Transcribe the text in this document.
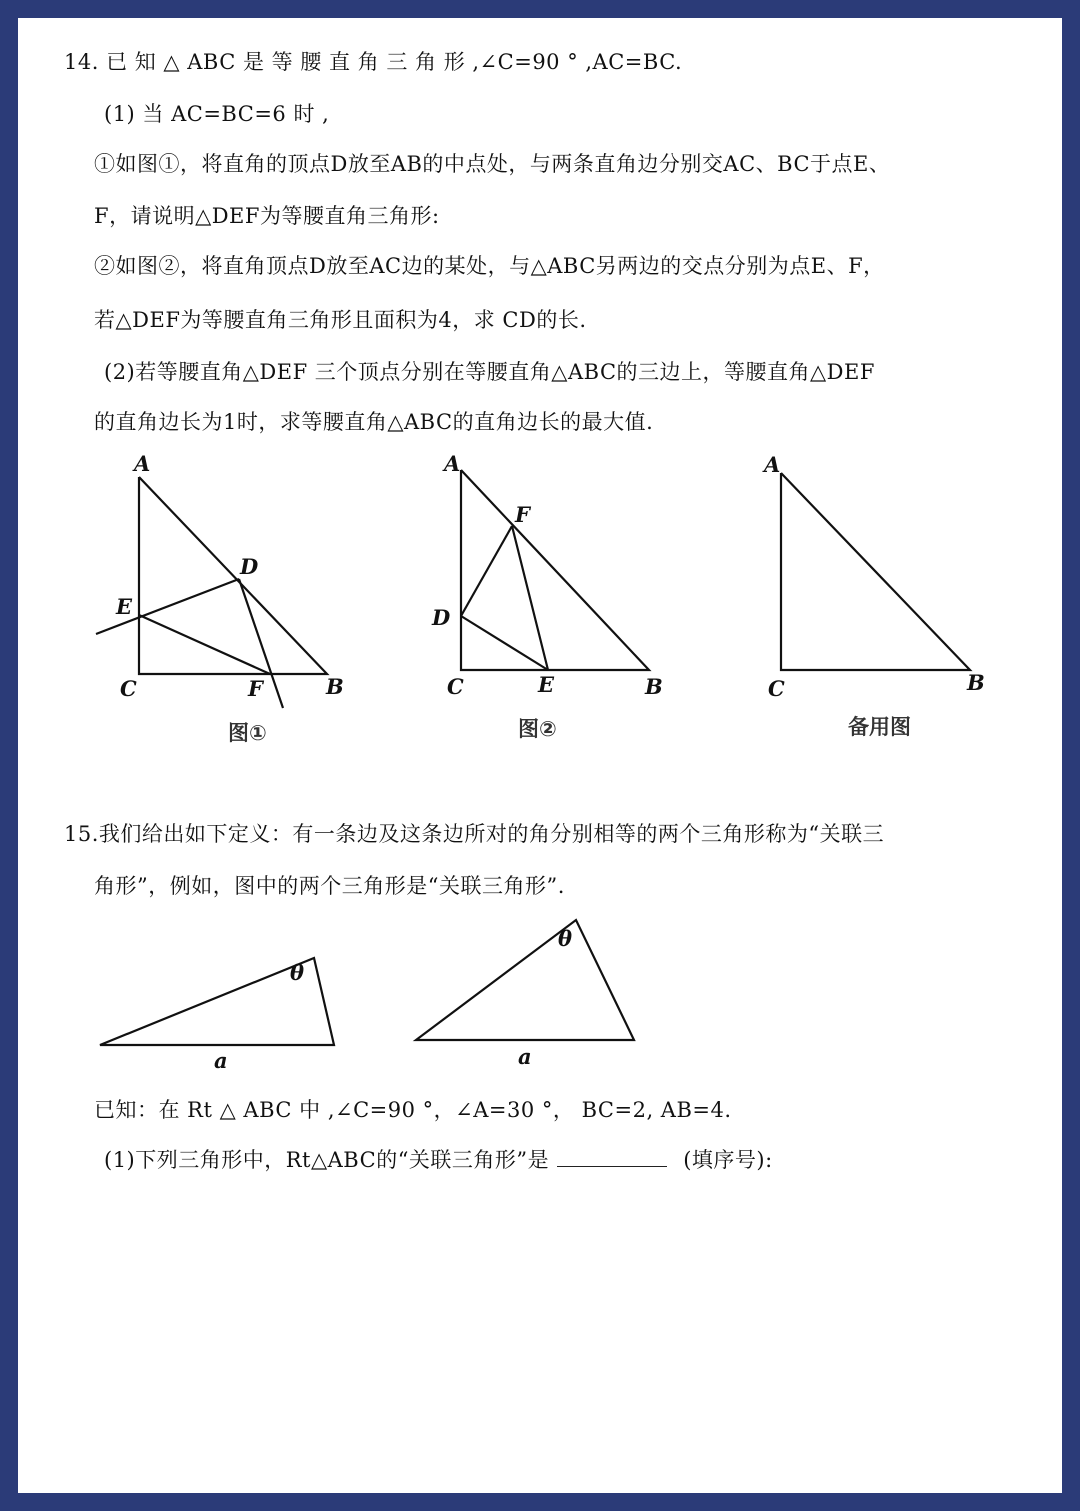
14. 已 知 △ ABC 是 等 腰 直 角 三 角 形 ,∠C=90 ° ,AC=BC.
(1) 当 AC=BC=6 时 ,
①如图①，将直角的顶点D放至AB的中点处，与两条直角边分别交AC、BC于点E、
F，请说明△DEF为等腰直角三角形:
②如图②，将直角顶点D放至AC边的某处，与△ABC另两边的交点分别为点E、F，
若△DEF为等腰直角三角形且面积为4，求 CD的长.
(2)若等腰直角△DEF 三个顶点分别在等腰直角△ABC的三边上，等腰直角△DEF
的直角边长为1时，求等腰直角△ABC的直角边长的最大值.
A
D
E
C	F	B
图①
A
F
D
C	E	B
图②
A
C	B
备用图
15.我们给出如下定义：有一条边及这条边所对的角分别相等的两个三角形称为“关联三
角形”，例如，图中的两个三角形是“关联三角形”.
θ
a
θ
a
已知：在 Rt △ ABC 中 ,∠C=90 °，∠A=30 °， BC=2, AB=4.
(1)下列三角形中，Rt△ABC的“关联三角形”是	(填序号):
